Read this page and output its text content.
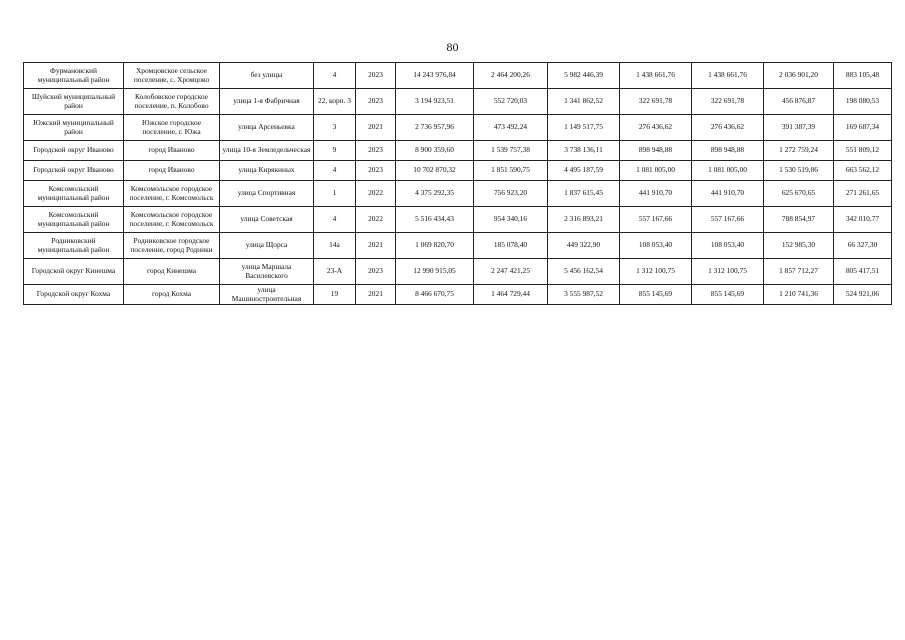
80
Фурмановский муниципальный район	Хромцовское сельское поселение, с. Хромцово	без улицы	4	2023	14 243 976,84	2 464 200,26	5 982 446,39	1 438 661,76	1 438 661,76	2 036 901,20	883 105,48
Шуйский муниципальный район	Колобовское городское поселение, п. Колобово	улица 1-я Фабричная	22, корп. 3	2023	3 194 923,51	552 720,03	1 341 862,52	322 691,78	322 691,78	456 876,87	198 080,53
Южский муниципальный район	Южское городское поселение, г. Южа	улица Арсеньевка	3	2021	2 736 957,96	473 492,24	1 149 517,75	276 436,62	276 436,62	391 387,39	169 687,34
Городской округ Иваново	город Иваново	улица 10-я Земледельческая	9	2023	8 900 359,60	1 539 757,38	3 738 136,11	898 948,88	898 948,88	1 272 759,24	551 809,12
Городской округ Иваново	город Иваново	улица Кирякиных	4	2023	10 702 870,32	1 851 590,75	4 495 187,59	1 081 005,00	1 081 005,00	1 530 519,86	663 562,12
Комсомольский муниципальный район	Комсомольское городское поселение, г. Комсомольск	улица Спортивная	1	2022	4 375 292,35	756 923,20	1 837 615,45	441 910,70	441 910,70	625 670,65	271 261,65
Комсомольский муниципальный район	Комсомольское городское поселение, г. Комсомольск	улица Советская	4	2022	5 516 434,43	954 340,16	2 316 893,21	557 167,66	557 167,66	788 854,97	342 010,77
Родниковский муниципальный район	Родниковское городское поселение, город Родники	улица Щорса	14а	2021	1 069 820,70	185 078,40	449 322,90	108 053,40	108 053,40	152 985,30	66 327,30
Городской округ Кинешма	город Кинешма	улица Маршала Василевского	23-А	2023	12 990 915,05	2 247 421,25	5 456 162,54	1 312 100,75	1 312 100,75	1 857 712,27	805 417,51
Городской округ Кохма	город Кохма	улица Машиностроительная	19	2021	8 466 670,75	1 464 729,44	3 555 987,52	855 145,69	855 145,69	1 210 741,36	524 921,06
